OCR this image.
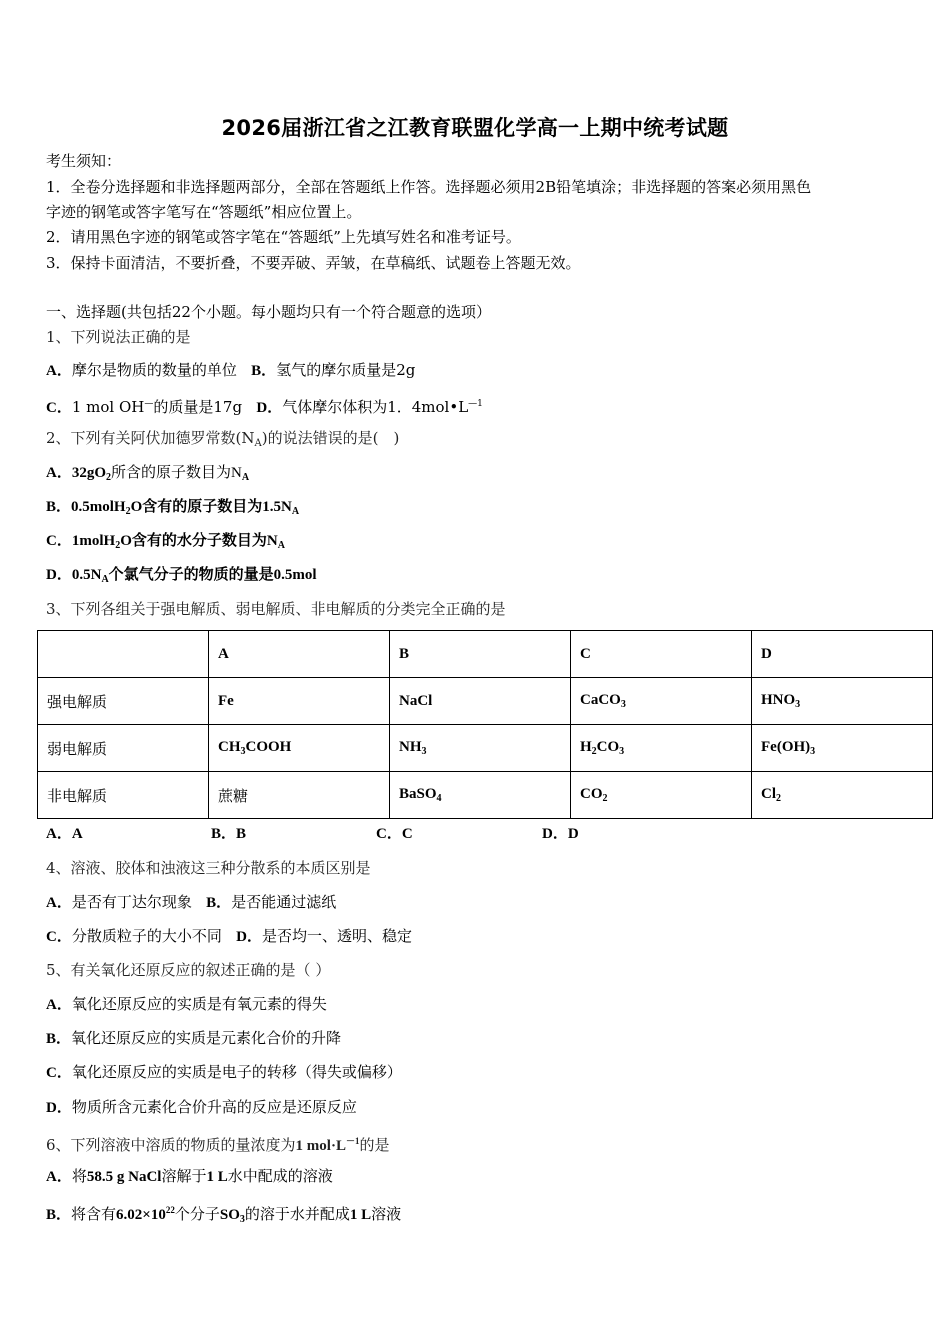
2026届浙江省之江教育联盟化学高一上期中统考试题
考生须知：
1．全卷分选择题和非选择题两部分，全部在答题纸上作答。选择题必须用2B铅笔填涂；非选择题的答案必须用黑色
字迹的钢笔或答字笔写在“答题纸”相应位置上。
2．请用黑色字迹的钢笔或答字笔在“答题纸”上先填写姓名和准考证号。
3．保持卡面清洁，不要折叠，不要弄破、弄皱，在草稿纸、试题卷上答题无效。
一、选择题(共包括22个小题。每小题均只有一个符合题意的选项）
1、下列说法正确的是
A．摩尔是物质的数量的单位 B．氢气的摩尔质量是2g
C．1 mol OH—的质量是17g D．气体摩尔体积为1．$4mol•L^{—1}$
2、下列有关阿伏加德罗常数$(N_A)$的说法错误的是(　)
A．$32gO_2$所含的原子数目为$N_A$
B．0.5molH$_2$O含有的原子数目为$1.5N_A$
C．1molH$_2$O含有的水分子数目为$N_A$
D．$0.5N_A$个氯气分子的物质的量是0.5mol
3、下列各组关于强电解质、弱电解质、非电解质的分类完全正确的是
	A	B	C	D
强电解质	Fe	NaCl	CaCO$_3$	$HNO_3$
弱电解质	$CH_3COOH$	$NH_3$	$H_2CO_3$	$Fe(OH)_3$
非电解质	蔗糖	BaSO$_4$	$CO_2$	$Cl_2$
A．A	B．B	C．C	D．D
4、溶液、胶体和浊液这三种分散系的本质区别是
A．是否有丁达尔现象 B．是否能通过滤纸
C．分散质粒子的大小不同 D．是否均一、透明、稳定
5、有关氧化还原反应的叙述正确的是（ ）
A．氧化还原反应的实质是有氧元素的得失
B．氧化还原反应的实质是元素化合价的升降
C．氧化还原反应的实质是电子的转移（得失或偏移）
D．物质所含元素化合价升高的反应是还原反应
6、下列溶液中溶质的物质的量浓度为1 $mol\cdot L^{-1}$的是
A．将58.5 g NaCl溶解于1 L水中配成的溶液
B．将含有$6.02\times 10^{22}$个分子$SO_3$的溶于水并配成1 L溶液
